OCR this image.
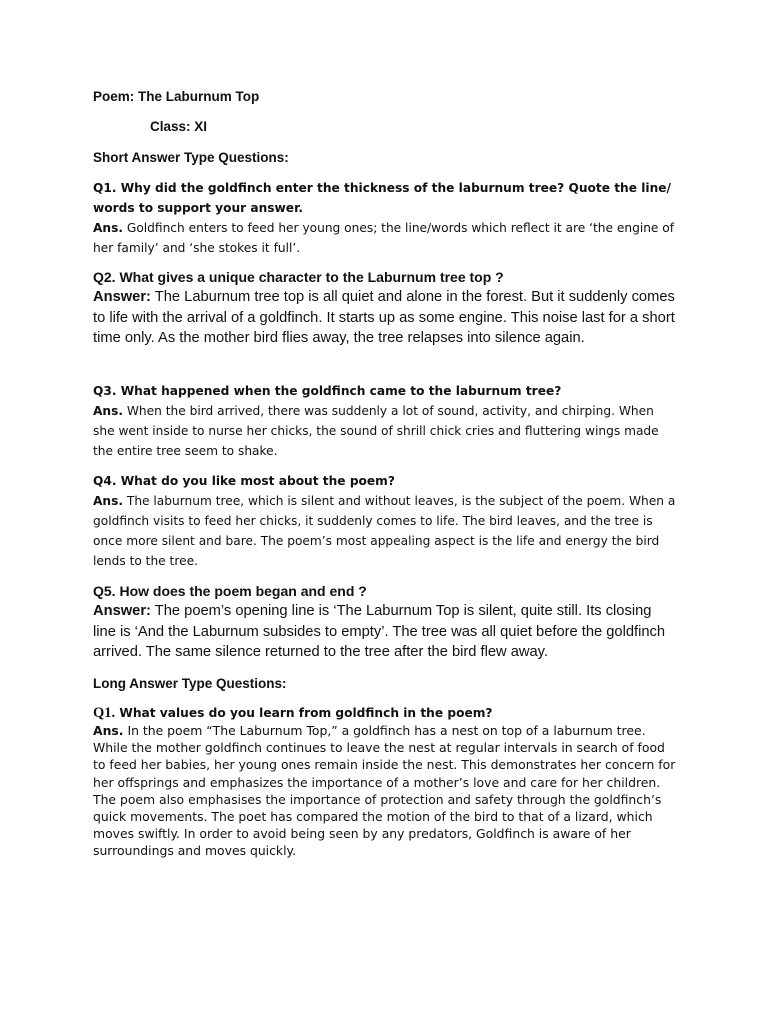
Poem: The Laburnum Top
Class: XI
Short Answer Type Questions:

Q1. Why did the goldfinch enter the thickness of the laburnum tree? Quote the line/ words to support your answer.

Ans. Goldfinch enters to feed her young ones; the line/words which reflect it are ‘the engine of her family’ and ‘she stokes it full’.

Q2. What gives a unique character to the Laburnum tree top ?

Answer: The Laburnum tree top is all quiet and alone in the forest. But it suddenly comes to life with the arrival of a goldfinch. It starts up as some engine. This noise last for a short time only. As the mother bird flies away, the tree relapses into silence again.

Q3. What happened when the goldfinch came to the laburnum tree?

Ans. When the bird arrived, there was suddenly a lot of sound, activity, and chirping. When she went inside to nurse her chicks, the sound of shrill chick cries and fluttering wings made the entire tree seem to shake.

Q4. What do you like most about the poem?

Ans. The laburnum tree, which is silent and without leaves, is the subject of the poem. When a goldfinch visits to feed her chicks, it suddenly comes to life. The bird leaves, and the tree is once more silent and bare. The poem’s most appealing aspect is the life and energy the bird lends to the tree.

Q5. How does the poem began and end ?

Answer: The poem’s opening line is ‘The Laburnum Top is silent, quite still. Its closing line is ‘And the Laburnum subsides to empty’. The tree was all quiet before the goldfinch arrived. The same silence returned to the tree after the bird flew away.

Long Answer Type Questions:

Q1. What values do you learn from goldfinch in the poem?

Ans. In the poem “The Laburnum Top,” a goldfinch has a nest on top of a laburnum tree. While the mother goldfinch continues to leave the nest at regular intervals in search of food to feed her babies, her young ones remain inside the nest. This demonstrates her concern for her offsprings and emphasizes the importance of a mother’s love and care for her children.

The poem also emphasises the importance of protection and safety through the goldfinch’s quick movements. The poet has compared the motion of the bird to that of a lizard, which moves swiftly. In order to avoid being seen by any predators, Goldfinch is aware of her surroundings and moves quickly.
